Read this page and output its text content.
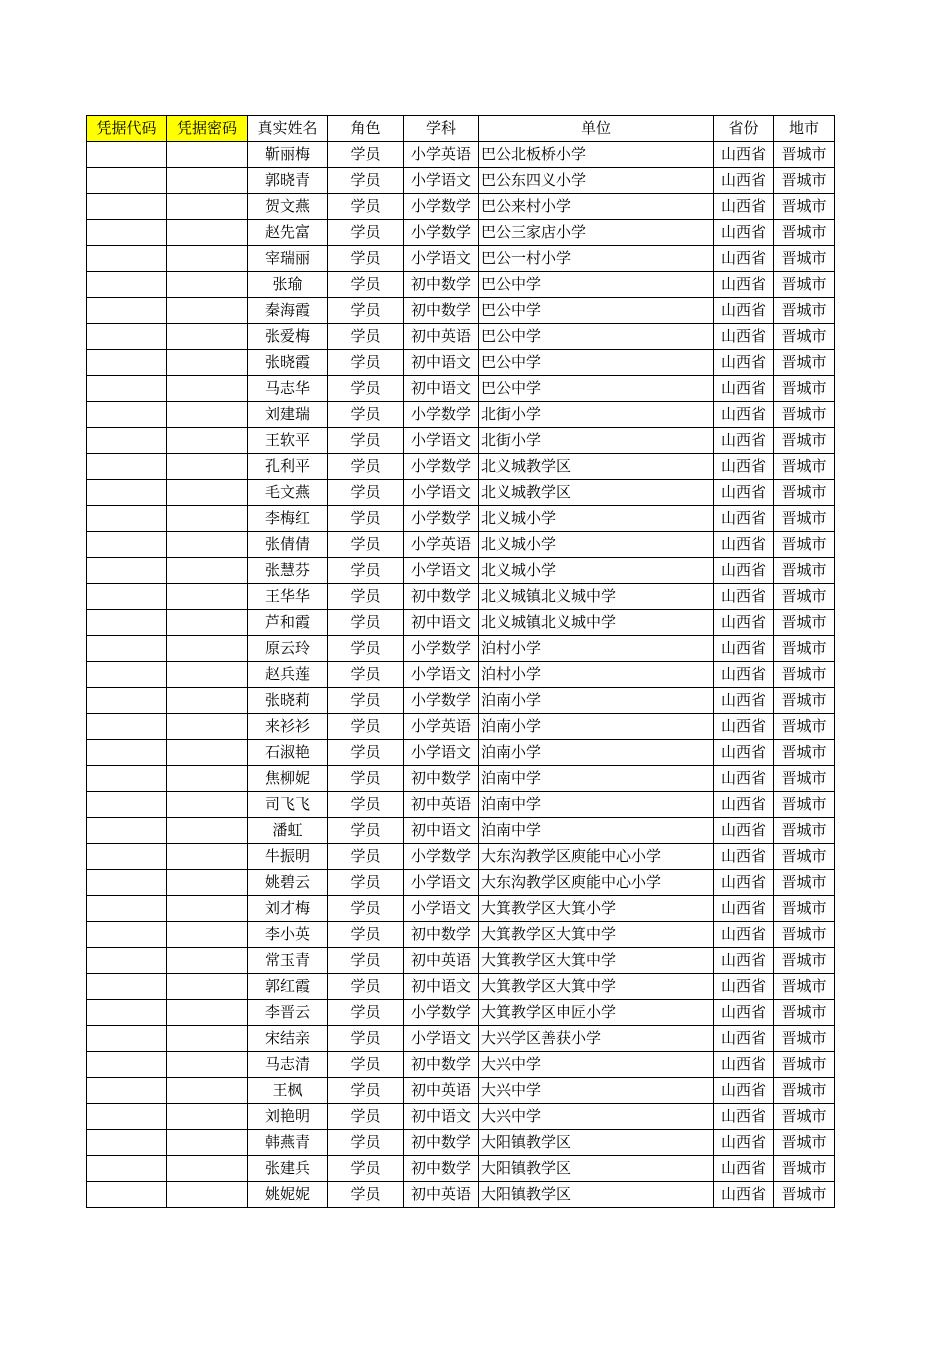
凭据代码	凭据密码	真实姓名	角色	学科	单位	省份	地市
		靳丽梅	学员	小学英语	巴公北板桥小学	山西省	晋城市
		郭晓青	学员	小学语文	巴公东四义小学	山西省	晋城市
		贺文燕	学员	小学数学	巴公来村小学	山西省	晋城市
		赵先富	学员	小学数学	巴公三家店小学	山西省	晋城市
		宰瑞丽	学员	小学语文	巴公一村小学	山西省	晋城市
		张瑜	学员	初中数学	巴公中学	山西省	晋城市
		秦海霞	学员	初中数学	巴公中学	山西省	晋城市
		张爱梅	学员	初中英语	巴公中学	山西省	晋城市
		张晓霞	学员	初中语文	巴公中学	山西省	晋城市
		马志华	学员	初中语文	巴公中学	山西省	晋城市
		刘建瑞	学员	小学数学	北街小学	山西省	晋城市
		王软平	学员	小学语文	北街小学	山西省	晋城市
		孔利平	学员	小学数学	北义城教学区	山西省	晋城市
		毛文燕	学员	小学语文	北义城教学区	山西省	晋城市
		李梅红	学员	小学数学	北义城小学	山西省	晋城市
		张倩倩	学员	小学英语	北义城小学	山西省	晋城市
		张慧芬	学员	小学语文	北义城小学	山西省	晋城市
		王华华	学员	初中数学	北义城镇北义城中学	山西省	晋城市
		芦和霞	学员	初中语文	北义城镇北义城中学	山西省	晋城市
		原云玲	学员	小学数学	泊村小学	山西省	晋城市
		赵兵莲	学员	小学语文	泊村小学	山西省	晋城市
		张晓莉	学员	小学数学	泊南小学	山西省	晋城市
		来衫衫	学员	小学英语	泊南小学	山西省	晋城市
		石淑艳	学员	小学语文	泊南小学	山西省	晋城市
		焦柳妮	学员	初中数学	泊南中学	山西省	晋城市
		司飞飞	学员	初中英语	泊南中学	山西省	晋城市
		潘虹	学员	初中语文	泊南中学	山西省	晋城市
		牛振明	学员	小学数学	大东沟教学区庾能中心小学	山西省	晋城市
		姚碧云	学员	小学语文	大东沟教学区庾能中心小学	山西省	晋城市
		刘才梅	学员	小学语文	大箕教学区大箕小学	山西省	晋城市
		李小英	学员	初中数学	大箕教学区大箕中学	山西省	晋城市
		常玉青	学员	初中英语	大箕教学区大箕中学	山西省	晋城市
		郭红霞	学员	初中语文	大箕教学区大箕中学	山西省	晋城市
		李晋云	学员	小学数学	大箕教学区申匠小学	山西省	晋城市
		宋结亲	学员	小学语文	大兴学区善获小学	山西省	晋城市
		马志清	学员	初中数学	大兴中学	山西省	晋城市
		王枫	学员	初中英语	大兴中学	山西省	晋城市
		刘艳明	学员	初中语文	大兴中学	山西省	晋城市
		韩燕青	学员	初中数学	大阳镇教学区	山西省	晋城市
		张建兵	学员	初中数学	大阳镇教学区	山西省	晋城市
		姚妮妮	学员	初中英语	大阳镇教学区	山西省	晋城市
